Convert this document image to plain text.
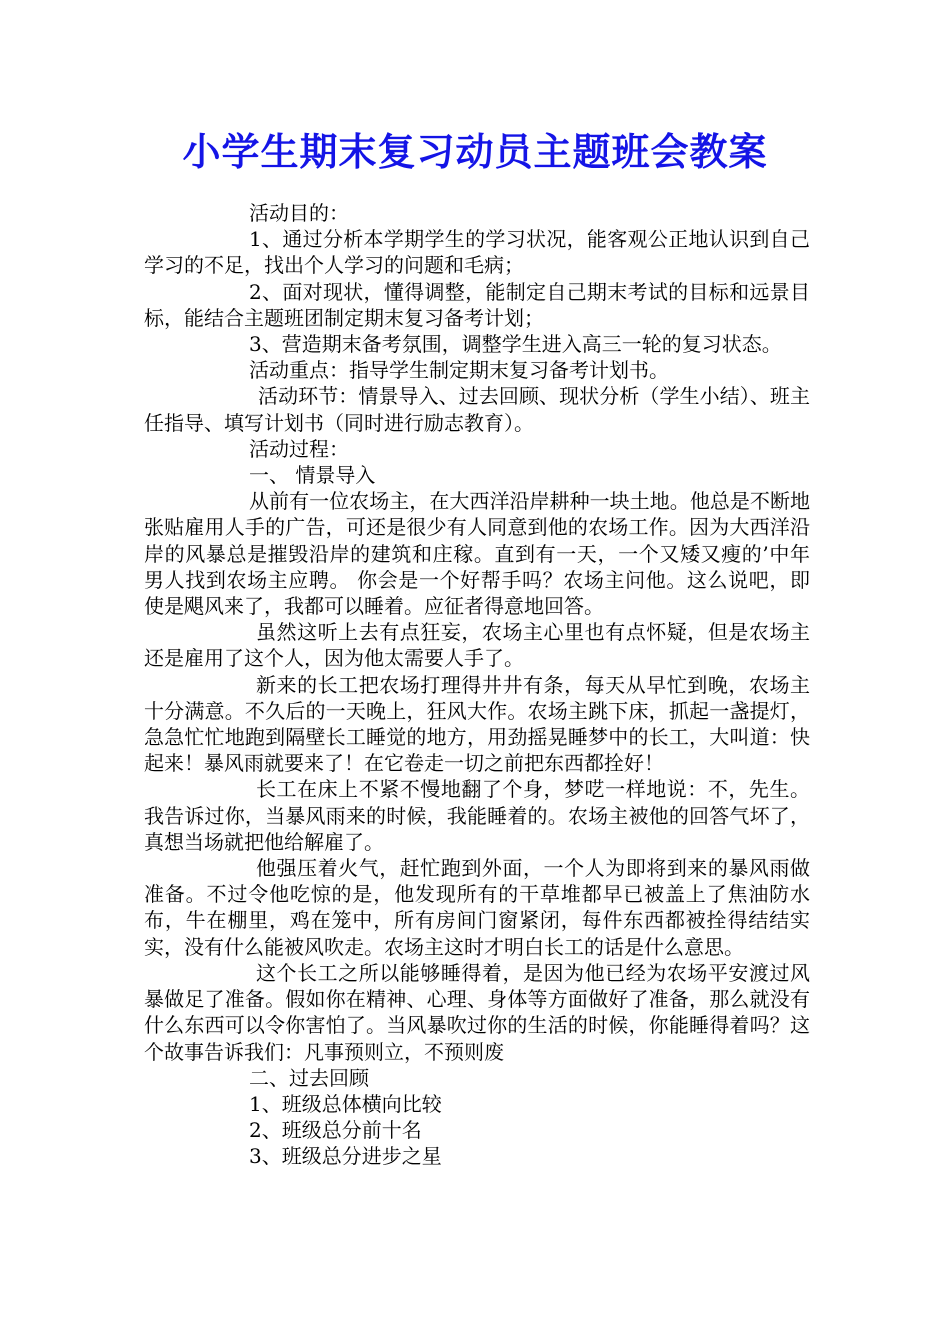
小学生期末复习动员主题班会教案

活动目的：

1、通过分析本学期学生的学习状况，能客观公正地认识到自己学习的不足，找出个人学习的问题和毛病；

2、面对现状，懂得调整，能制定自己期末考试的目标和远景目标，能结合主题班团制定期末复习备考计划；

3、营造期末备考氛围，调整学生进入高三一轮的复习状态。

活动重点：指导学生制定期末复习备考计划书。

活动环节：情景导入、过去回顾、现状分析（学生小结）、班主任指导、填写计划书（同时进行励志教育）。

活动过程：

一、 情景导入

从前有一位农场主，在大西洋沿岸耕种一块土地。他总是不断地张贴雇用人手的广告，可还是很少有人同意到他的农场工作。因为大西洋沿岸的风暴总是摧毁沿岸的建筑和庄稼。直到有一天，一个又矮又瘦的’中年男人找到农场主应聘。 你会是一个好帮手吗？农场主问他。这么说吧，即使是飓风来了，我都可以睡着。应征者得意地回答。

虽然这听上去有点狂妄，农场主心里也有点怀疑，但是农场主还是雇用了这个人，因为他太需要人手了。

新来的长工把农场打理得井井有条，每天从早忙到晚，农场主十分满意。不久后的一天晚上，狂风大作。农场主跳下床，抓起一盏提灯，急急忙忙地跑到隔壁长工睡觉的地方，用劲摇晃睡梦中的长工，大叫道：快起来！暴风雨就要来了！在它卷走一切之前把东西都拴好！

长工在床上不紧不慢地翻了个身，梦呓一样地说：不，先生。我告诉过你，当暴风雨来的时候，我能睡着的。农场主被他的回答气坏了，真想当场就把他给解雇了。

他强压着火气，赶忙跑到外面，一个人为即将到来的暴风雨做准备。不过令他吃惊的是，他发现所有的干草堆都早已被盖上了焦油防水布，牛在棚里，鸡在笼中，所有房间门窗紧闭，每件东西都被拴得结结实实，没有什么能被风吹走。农场主这时才明白长工的话是什么意思。

这个长工之所以能够睡得着，是因为他已经为农场平安渡过风暴做足了准备。假如你在精神、心理、身体等方面做好了准备，那么就没有什么东西可以令你害怕了。当风暴吹过你的生活的时候，你能睡得着吗？这个故事告诉我们：凡事预则立，不预则废

二、过去回顾

1、班级总体横向比较

2、班级总分前十名

3、班级总分进步之星
